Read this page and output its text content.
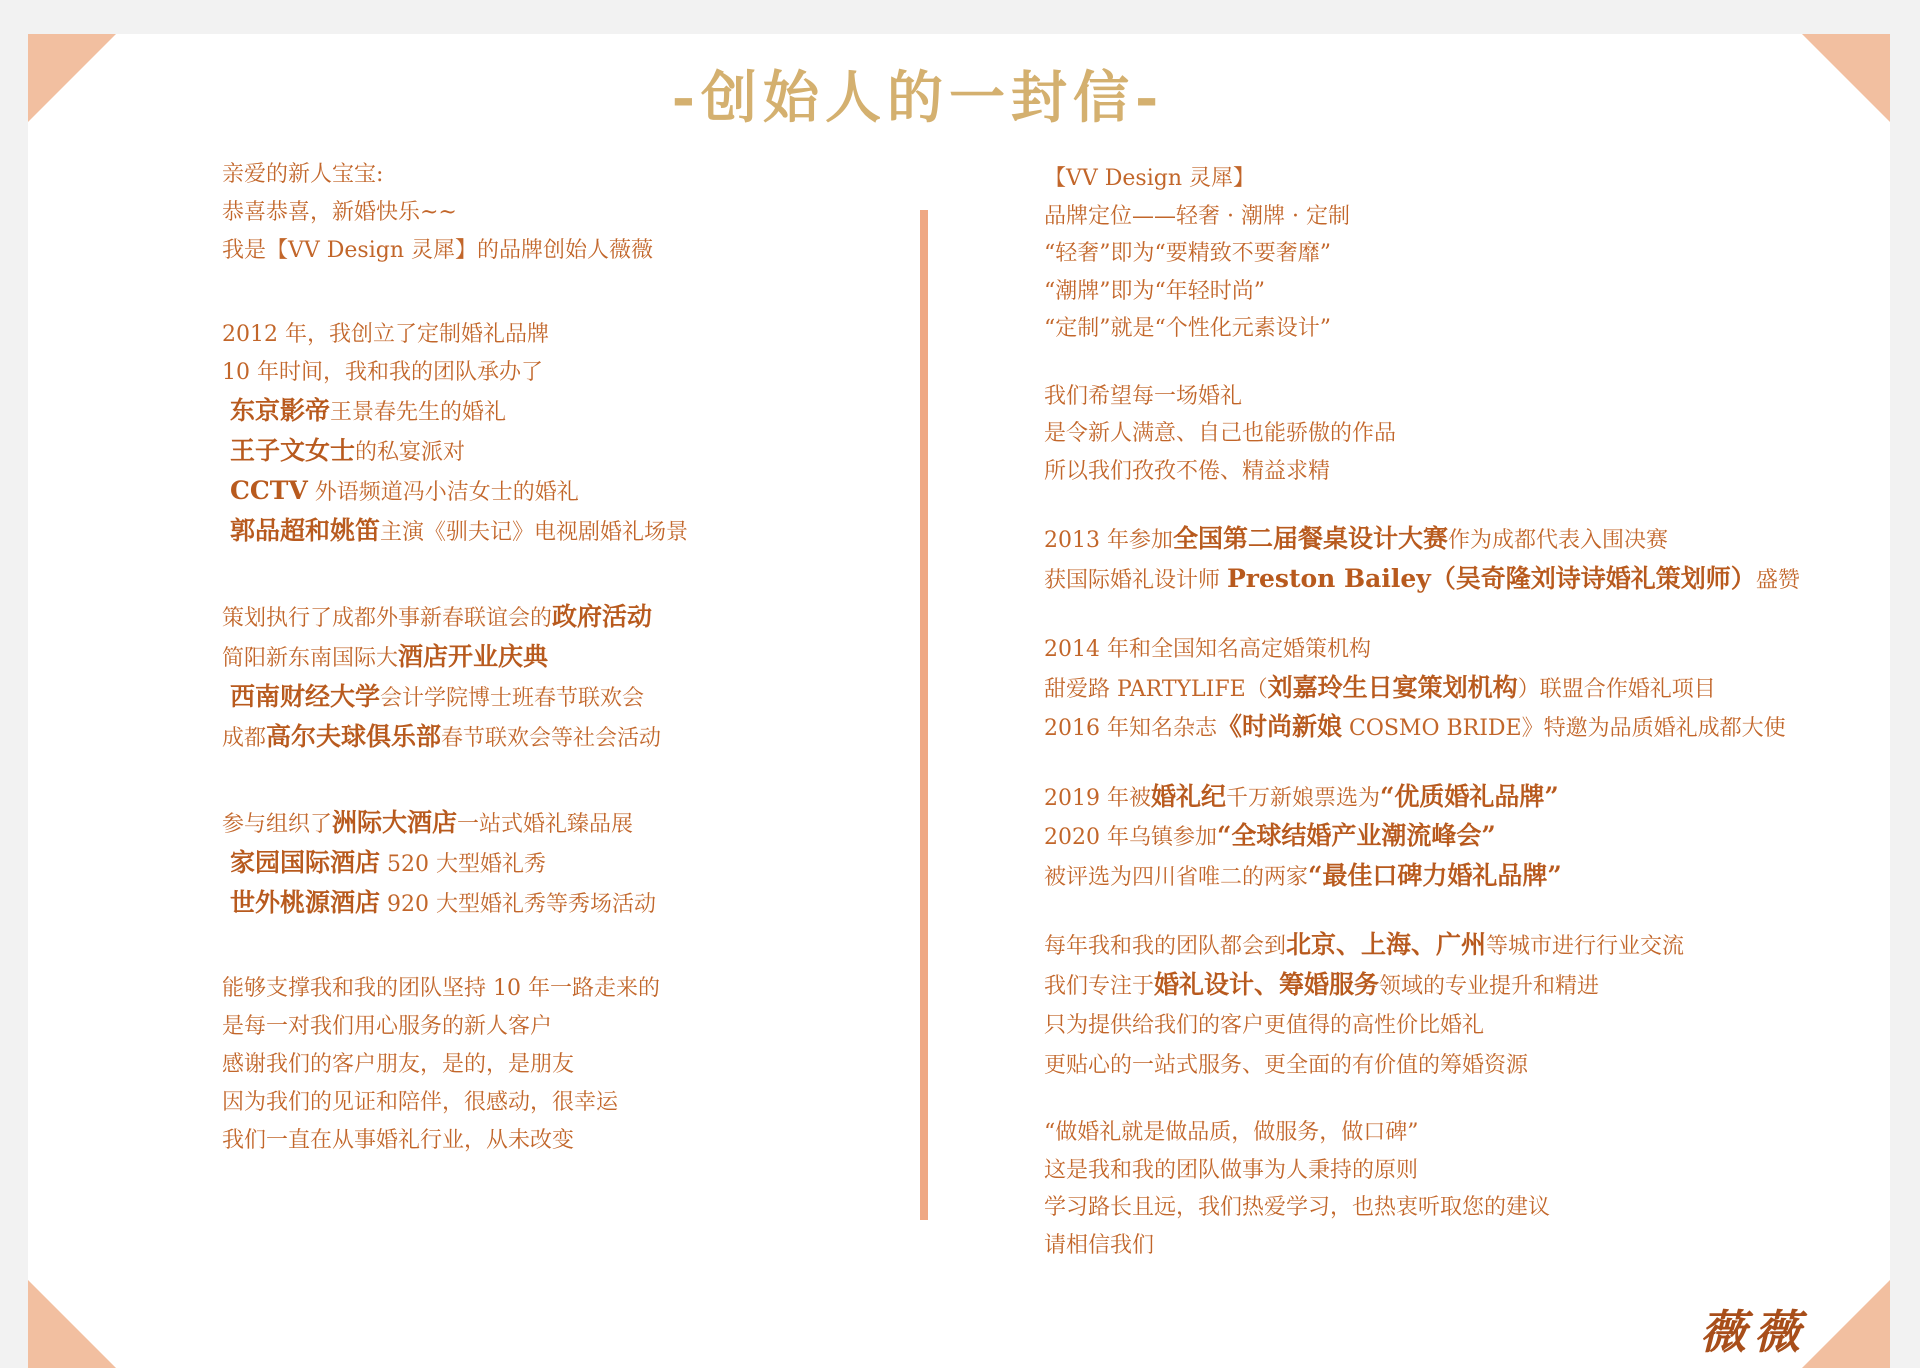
-创始人的一封信-
亲爱的新人宝宝:
恭喜恭喜，新婚快乐~~
我是【VV Design 灵犀】的品牌创始人薇薇
2012 年，我创立了定制婚礼品牌
10 年时间，我和我的团队承办了
东京影帝王景春先生的婚礼
王子文女士的私宴派对
CCTV 外语频道冯小洁女士的婚礼
郭品超和姚笛主演《驯夫记》电视剧婚礼场景
策划执行了成都外事新春联谊会的政府活动
简阳新东南国际大酒店开业庆典
西南财经大学会计学院博士班春节联欢会
成都高尔夫球俱乐部春节联欢会等社会活动
参与组织了洲际大酒店一站式婚礼臻品展
家园国际酒店 520 大型婚礼秀
世外桃源酒店 920 大型婚礼秀等秀场活动
能够支撑我和我的团队坚持 10 年一路走来的
是每一对我们用心服务的新人客户
感谢我们的客户朋友，是的，是朋友
因为我们的见证和陪伴，很感动，很幸运
我们一直在从事婚礼行业，从未改变
【VV Design 灵犀】
品牌定位——轻奢 · 潮牌 · 定制
“轻奢”即为“要精致不要奢靡”
“潮牌”即为“年轻时尚”
“定制”就是“个性化元素设计”
我们希望每一场婚礼
是令新人满意、自己也能骄傲的作品
所以我们孜孜不倦、精益求精
2013 年参加全国第二届餐桌设计大赛作为成都代表入围决赛
获国际婚礼设计师 Preston Bailey（吴奇隆刘诗诗婚礼策划师）盛赞
2014 年和全国知名高定婚策机构
甜爱路 PARTYLIFE（刘嘉玲生日宴策划机构）联盟合作婚礼项目
2016 年知名杂志《时尚新娘 COSMO BRIDE》特邀为品质婚礼成都大使
2019 年被婚礼纪千万新娘票选为“优质婚礼品牌”
2020 年乌镇参加“全球结婚产业潮流峰会”
被评选为四川省唯二的两家“最佳口碑力婚礼品牌”
每年我和我的团队都会到北京、上海、广州等城市进行行业交流
我们专注于婚礼设计、筹婚服务领域的专业提升和精进
只为提供给我们的客户更值得的高性价比婚礼
更贴心的一站式服务、更全面的有价值的筹婚资源
“做婚礼就是做品质，做服务，做口碑”
这是我和我的团队做事为人秉持的原则
学习路长且远，我们热爱学习，也热衷听取您的建议
请相信我们
薇薇
